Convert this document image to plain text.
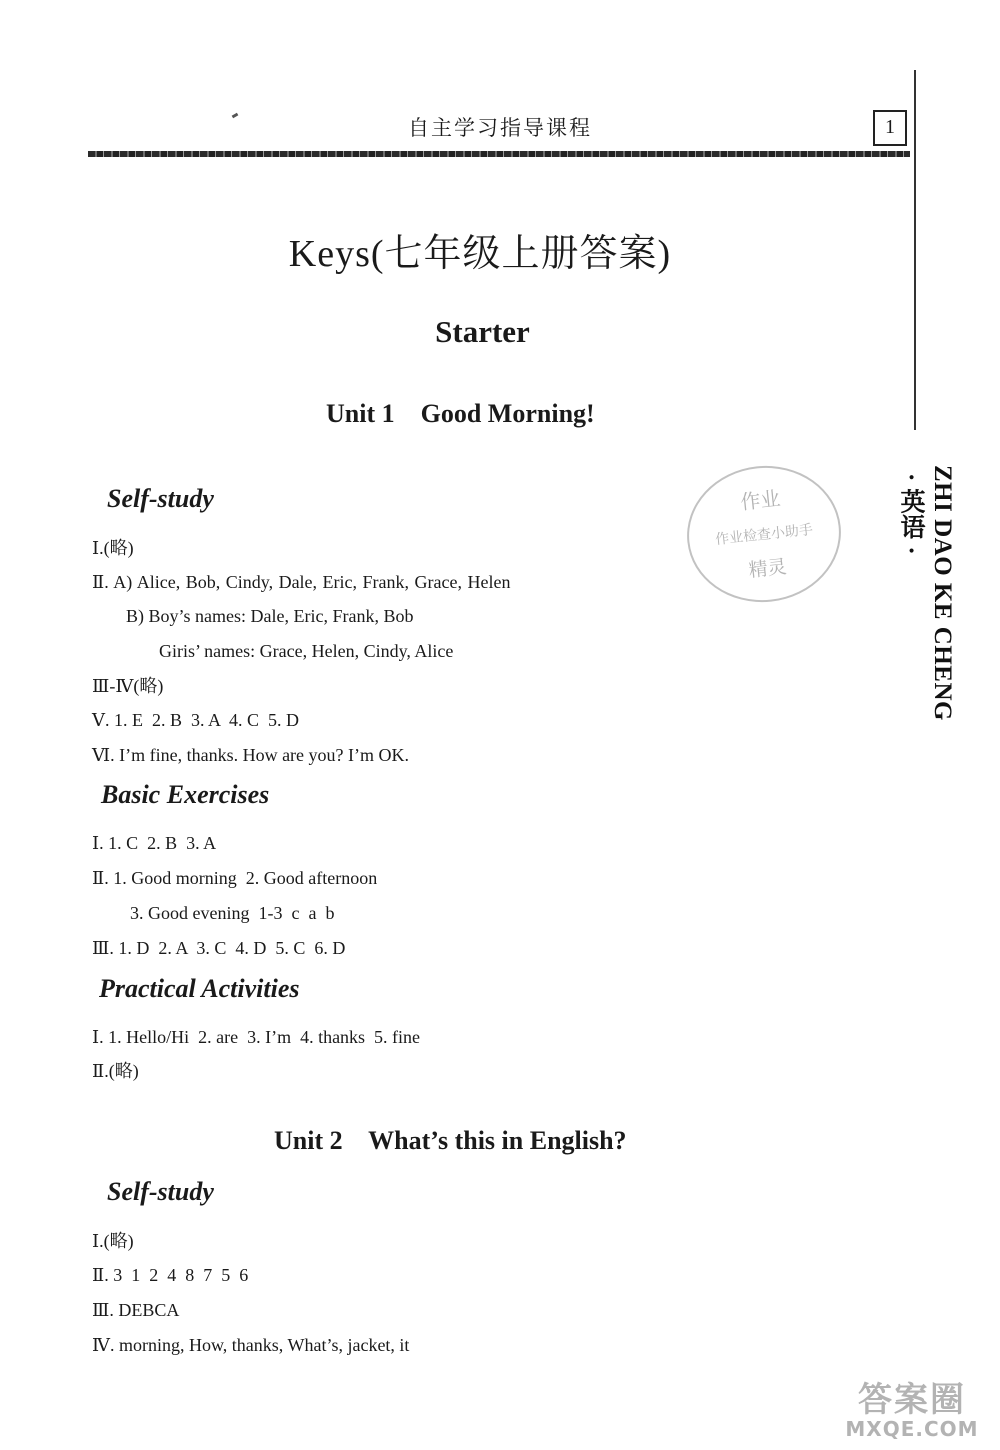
自主学习指导课程	1
Keys(七年级上册答案)
Starter
Unit 1    Good Morning!
Self-study
Ⅰ.(略)
Ⅱ. A) Alice, Bob, Cindy, Dale, Eric, Frank, Grace, Helen
B) Boy’s names: Dale, Eric, Frank, Bob
Giris’ names: Grace, Helen, Cindy, Alice
Ⅲ-Ⅳ(略)
Ⅴ. 1. E  2. B  3. A  4. C  5. D
Ⅵ. I’m fine, thanks. How are you? I’m OK.
Basic Exercises
Ⅰ. 1. C  2. B  3. A
Ⅱ. 1. Good morning  2. Good afternoon
3. Good evening  1-3  c  a  b
Ⅲ. 1. D  2. A  3. C  4. D  5. C  6. D
Practical Activities
Ⅰ. 1. Hello/Hi  2. are  3. I’m  4. thanks  5. fine
Ⅱ.(略)
Unit 2    What’s this in English?
Self-study
Ⅰ.(略)
Ⅱ. 3  1  2  4  8  7  5  6
Ⅲ. DEBCA
Ⅳ. morning, How, thanks, What’s, jacket, it
ZHI DAO KE CHENG
· 英语 ·
作业
作业检查小助手
精灵
答案圈
MXQE.COM
